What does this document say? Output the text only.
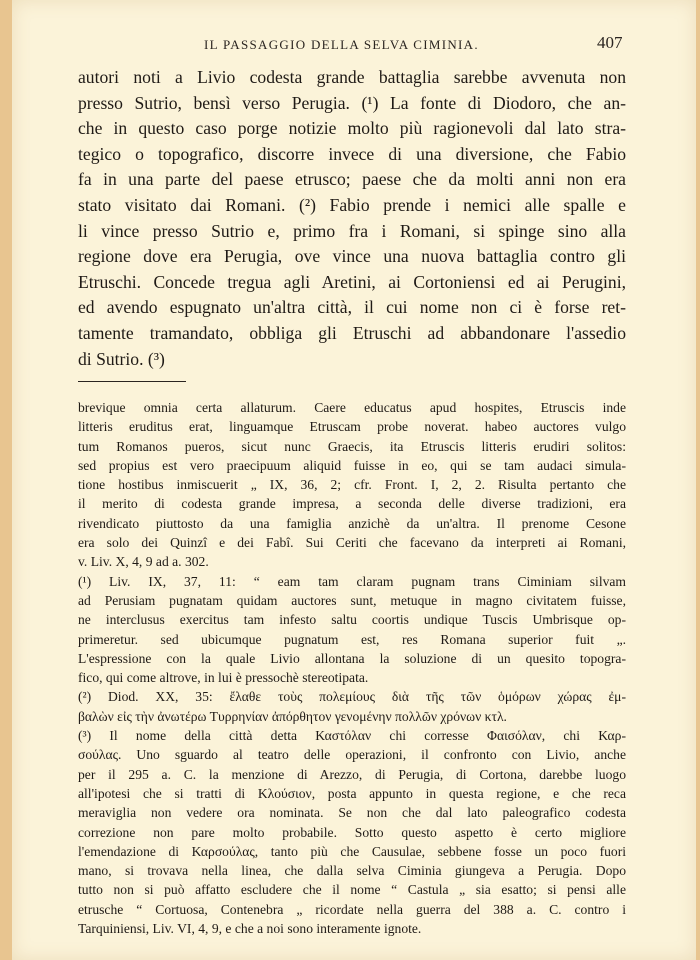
IL PASSAGGIO DELLA SELVA CIMINIA.	407
autori noti a Livio codesta grande battaglia sarebbe avvenuta non
presso Sutrio, bensì verso Perugia. (¹) La fonte di Diodoro, che an-
che in questo caso porge notizie molto più ragionevoli dal lato stra-
tegico o topografico, discorre invece di una diversione, che Fabio
fa in una parte del paese etrusco; paese che da molti anni non era
stato visitato dai Romani. (²) Fabio prende i nemici alle spalle e
li vince presso Sutrio e, primo fra i Romani, si spinge sino alla
regione dove era Perugia, ove vince una nuova battaglia contro gli
Etruschi. Concede tregua agli Aretini, ai Cortoniensi ed ai Perugini,
ed avendo espugnato un'altra città, il cui nome non ci è forse ret-
tamente tramandato, obbliga gli Etruschi ad abbandonare l'assedio
di Sutrio. (³)
brevique omnia certa allaturum. Caere educatus apud hospites, Etruscis inde
litteris eruditus erat, linguamque Etruscam probe noverat. habeo auctores vulgo
tum Romanos pueros, sicut nunc Graecis, ita Etruscis litteris erudiri solitos:
sed propius est vero praecipuum aliquid fuisse in eo, qui se tam audaci simula-
tione hostibus inmiscuerit „ IX, 36, 2; cfr. Front. I, 2, 2. Risulta pertanto che
il merito di codesta grande impresa, a seconda delle diverse tradizioni, era
rivendicato piuttosto da una famiglia anzichè da un'altra. Il prenome Cesone
era solo dei Quinzî e dei Fabî. Sui Ceriti che facevano da interpreti ai Romani,
v. Liv. X, 4, 9 ad a. 302.
(¹) Liv. IX, 37, 11: “ eam tam claram pugnam trans Ciminiam silvam
ad Perusiam pugnatam quidam auctores sunt, metuque in magno civitatem fuisse,
ne interclusus exercitus tam infesto saltu coortis undique Tuscis Umbrisque op-
primeretur. sed ubicumque pugnatum est, res Romana superior fuit „.
L'espressione con la quale Livio allontana la soluzione di un quesito topogra-
fico, qui come altrove, in lui è pressochè stereotipata.
(²) Diod. XX, 35: ἔλαθε τοὺς πολεμίους διὰ τῆς τῶν ὁμόρων χώρας ἐμ-
βαλὼν εἰς τὴν ἀνωτέρω Τυρρηνίαν ἀπόρθητον γενομένην πολλῶν χρόνων κτλ.
(³) Il nome della città detta Καστόλαν chi corresse Φαισόλαν, chi Καρ-
σούλας. Uno sguardo al teatro delle operazioni, il confronto con Livio, anche
per il 295 a. C. la menzione di Arezzo, di Perugia, di Cortona, darebbe luogo
all'ipotesi che si tratti di Κλούσιον, posta appunto in questa regione, e che reca
meraviglia non vedere ora nominata. Se non che dal lato paleografico codesta
correzione non pare molto probabile. Sotto questo aspetto è certo migliore
l'emendazione di Καρσούλας, tanto più che Causulae, sebbene fosse un poco fuori
mano, si trovava nella linea, che dalla selva Ciminia giungeva a Perugia. Dopo
tutto non si può affatto escludere che il nome “ Castula „ sia esatto; si pensi alle
etrusche “ Cortuosa, Contenebra „ ricordate nella guerra del 388 a. C. contro i
Tarquiniensi, Liv. VI, 4, 9, e che a noi sono interamente ignote.
